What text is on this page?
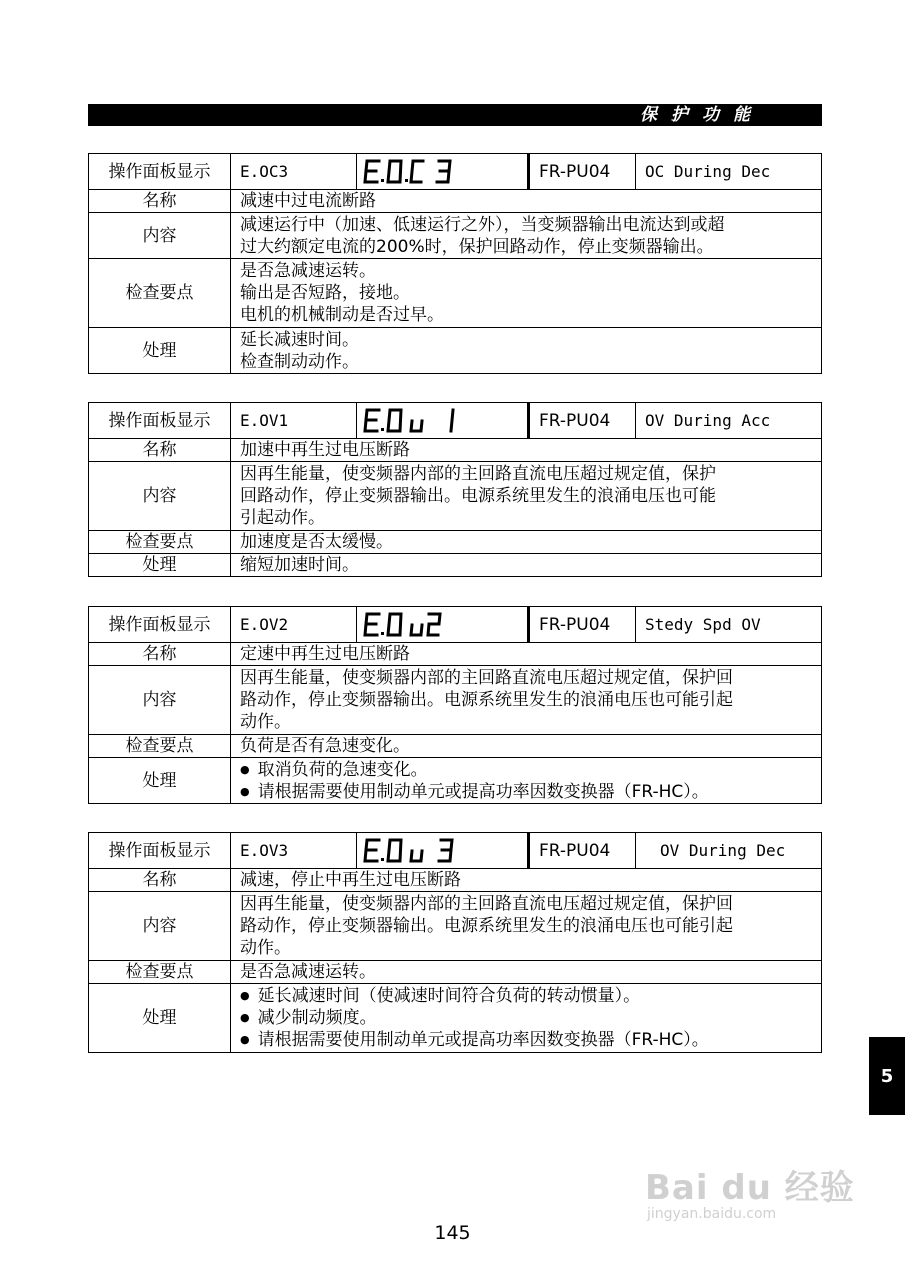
保护功能
操作面板显示	E.OC3		FR-PU04	OC During Dec
名称	减速中过电流断路			
内容	减速运行中（加速、低速运行之外），当变频器输出电流达到或超
过大约额定电流的200%时，保护回路动作，停止变频器输出。			

检查要点	是否急减速运转。
输出是否短路，接地。
电机的机械制动是否过早。			

处理	延长减速时间。
检查制动动作。			
操作面板显示	E.OV1		FR-PU04	OV During Acc
名称	加速中再生过电压断路			
内容	因再生能量，使变频器内部的主回路直流电压超过规定值，保护
回路动作，停止变频器输出。电源系统里发生的浪涌电压也可能
引起动作。			

检查要点	加速度是否太缓慢。			

处理	缩短加速时间。			
操作面板显示	E.OV2		FR-PU04	Stedy Spd OV
名称	定速中再生过电压断路			
内容	因再生能量，使变频器内部的主回路直流电压超过规定值，保护回
路动作，停止变频器输出。电源系统里发生的浪涌电压也可能引起
动作。			

检查要点	负荷是否有急速变化。			

处理	● 取消负荷的急速变化。
● 请根据需要使用制动单元或提高功率因数变换器（FR-HC）。
操作面板显示	E.OV3		FR-PU04	OV During Dec
名称	减速，停止中再生过电压断路			
内容	因再生能量，使变频器内部的主回路直流电压超过规定值，保护回
路动作，停止变频器输出。电源系统里发生的浪涌电压也可能引起
动作。			

检查要点	是否急减速运转。			

处理	● 延长减速时间（使减速时间符合负荷的转动惯量）。
● 减少制动频度。
● 请根据需要使用制动单元或提高功率因数变换器（FR-HC）。
5
Bai du 经验
jingyan.baidu.com
145
